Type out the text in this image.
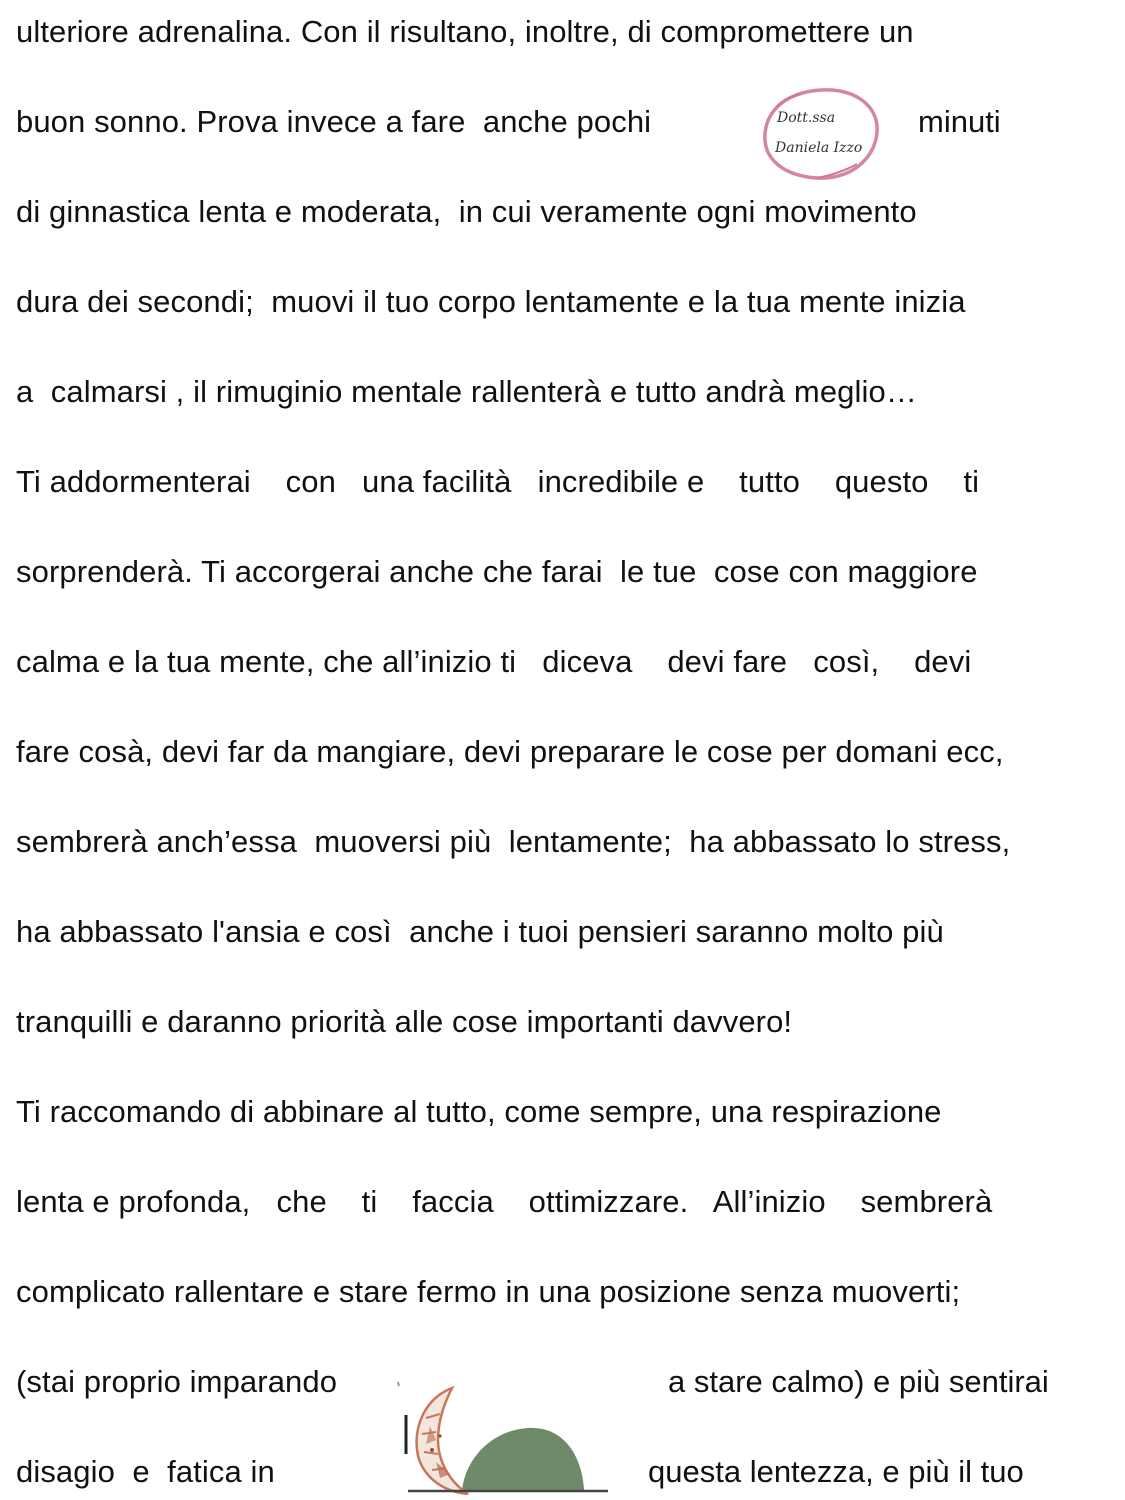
ulteriore adrenalina. Con il risultano, inoltre, di compromettere un
buon sonno. Prova invece a fare  anche pochi	minuti
di ginnastica lenta e moderata,  in cui veramente ogni movimento
dura dei secondi;  muovi il tuo corpo lentamente e la tua mente inizia
a  calmarsi , il rimuginio mentale rallenterà e tutto andrà meglio…
Ti addormenterai    con   una facilità   incredibile e    tutto    questo    ti
sorprenderà. Ti accorgerai anche che farai  le tue  cose con maggiore
calma e la tua mente, che all’inizio ti   diceva    devi fare   così,    devi
fare cosà, devi far da mangiare, devi preparare le cose per domani ecc,
sembrerà anch’essa  muoversi più  lentamente;  ha abbassato lo stress,
ha abbassato l'ansia e così  anche i tuoi pensieri saranno molto più
tranquilli e daranno priorità alle cose importanti davvero!
Ti raccomando di abbinare al tutto, come sempre, una respirazione
lenta e profonda,   che    ti    faccia    ottimizzare.   All’inizio    sembrerà
complicato rallentare e stare fermo in una posizione senza muoverti;
(stai proprio imparando	a stare calmo) e più sentirai
disagio  e  fatica in	questa lentezza, e più il tuo
Dott.ssa
Daniela Izzo
